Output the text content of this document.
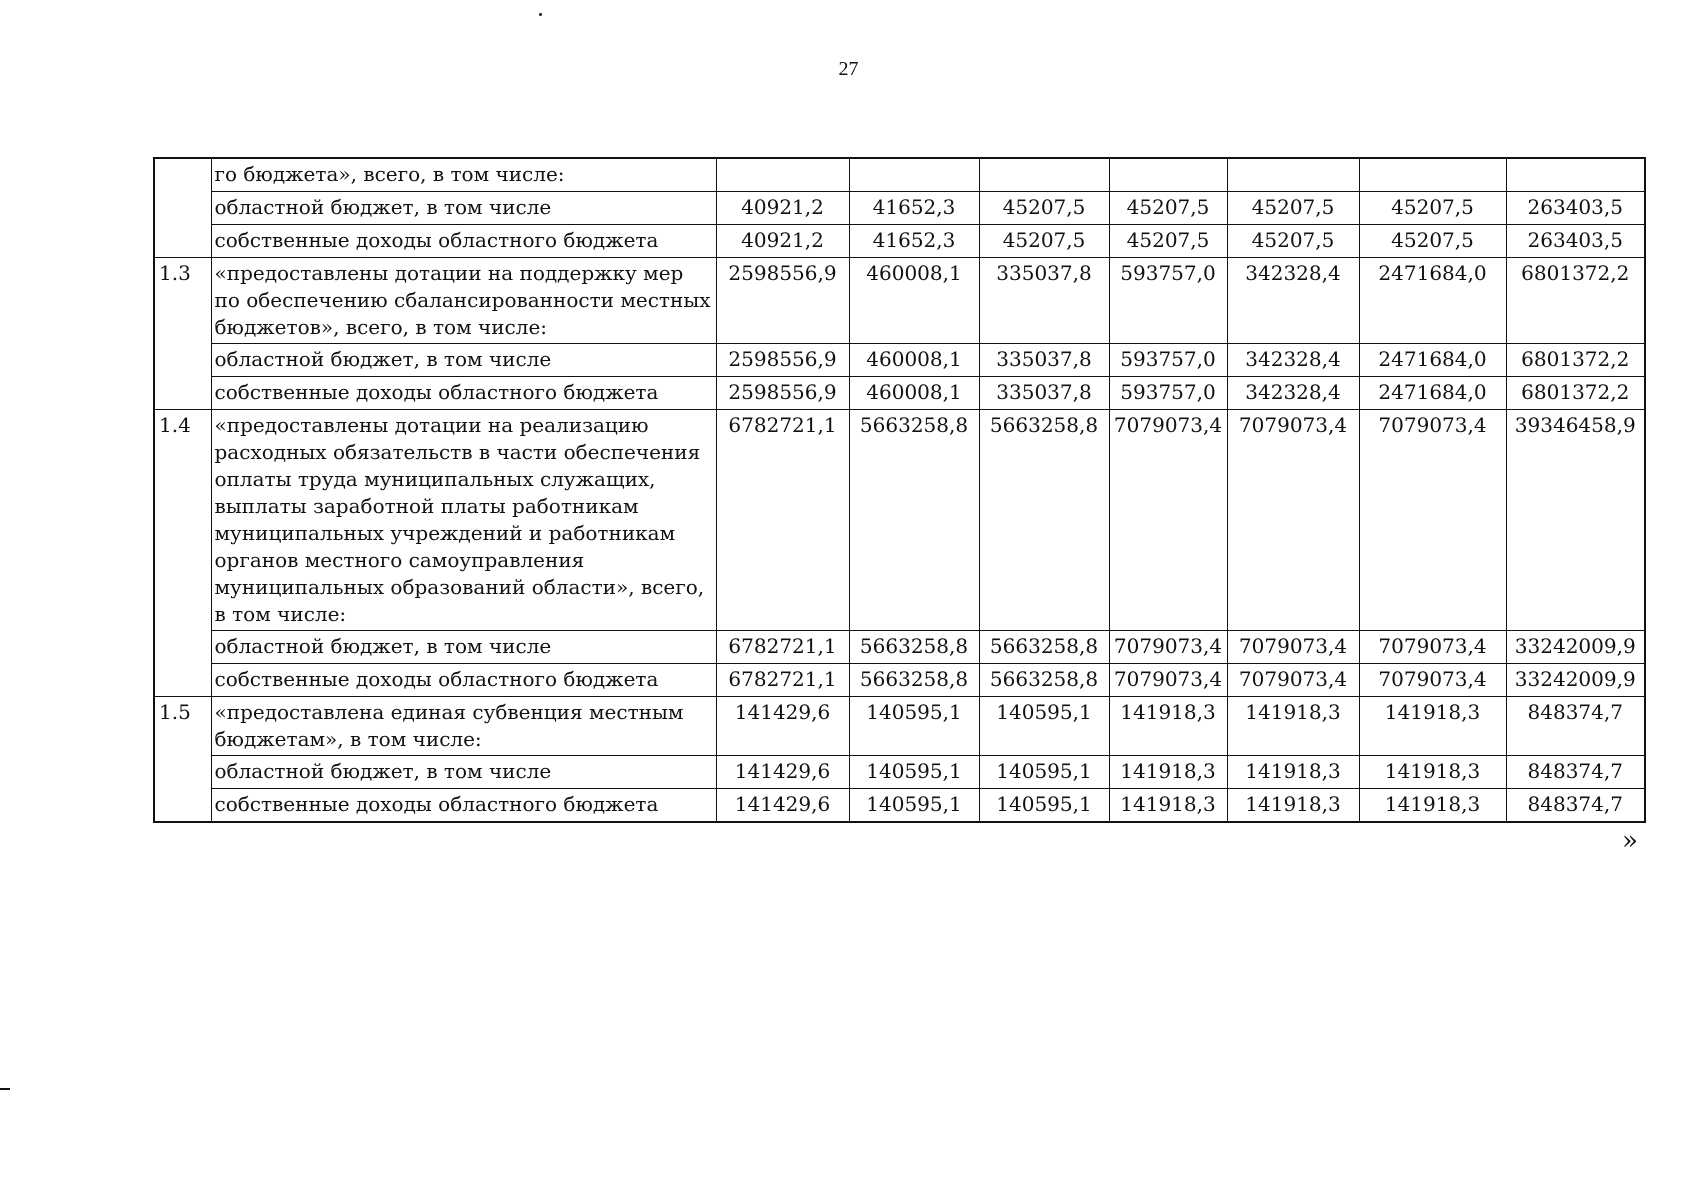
27
	го бюджета», всего, в том числе:							
	областной бюджет, в том числе	40921,2	41652,3	45207,5	45207,5	45207,5	45207,5	263403,5
	собственные доходы областного бюджета	40921,2	41652,3	45207,5	45207,5	45207,5	45207,5	263403,5
1.3	«предоставлены дотации на поддержку мер по обеспечению сбалансированности местных бюджетов», всего, в том числе:	2598556,9	460008,1	335037,8	593757,0	342328,4	2471684,0	6801372,2
	областной бюджет, в том числе	2598556,9	460008,1	335037,8	593757,0	342328,4	2471684,0	6801372,2
	собственные доходы областного бюджета	2598556,9	460008,1	335037,8	593757,0	342328,4	2471684,0	6801372,2
1.4	«предоставлены дотации на реализацию расходных обязательств в части обеспечения оплаты труда муниципальных служащих, выплаты заработной платы работникам муниципальных учреждений и работникам органов местного самоуправления муниципальных образований области», всего, в том числе:	6782721,1	5663258,8	5663258,8	7079073,4	7079073,4	7079073,4	39346458,9
	областной бюджет, в том числе	6782721,1	5663258,8	5663258,8	7079073,4	7079073,4	7079073,4	33242009,9
	собственные доходы областного бюджета	6782721,1	5663258,8	5663258,8	7079073,4	7079073,4	7079073,4	33242009,9
1.5	«предоставлена единая субвенция местным бюджетам», в том числе:	141429,6	140595,1	140595,1	141918,3	141918,3	141918,3	848374,7
	областной бюджет, в том числе	141429,6	140595,1	140595,1	141918,3	141918,3	141918,3	848374,7
	собственные доходы областного бюджета	141429,6	140595,1	140595,1	141918,3	141918,3	141918,3	848374,7
»
